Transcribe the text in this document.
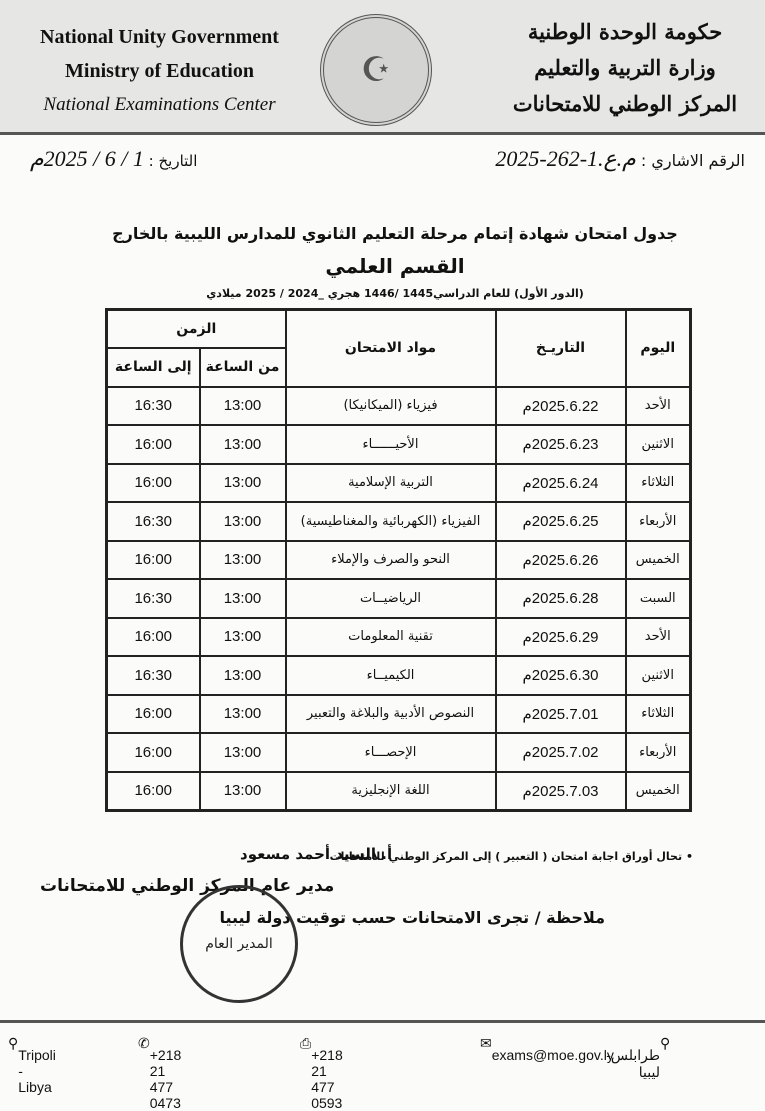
National Unity Government
Ministry of Education
National Examinations Center
☪
حكومة الوحدة الوطنية
وزارة التربية والتعليم
المركز الوطني للامتحانات
الرقم الاشاري : م.ع.1-262-2025
التاريخ : 1 / 6 / 2025م
جدول امتحان شهادة إتمام مرحلة التعليم الثانوي للمدارس الليبية بالخارج
القسم العلمي
(الدور الأول) للعام الدراسي1445 /1446 هجري _2024 / 2025 ميلادي
اليوم	التاريـخ	مواد الامتحان	الزمن	
			من الساعة	إلى الساعة
الأحد	2025.6.22م	فيزياء (الميكانيكا)	13:00	16:30
الاثنين	2025.6.23م	الأحيــــــاء	13:00	16:00
الثلاثاء	2025.6.24م	التربية الإسلامية	13:00	16:00
الأربعاء	2025.6.25م	الفيزياء (الكهربائية والمغناطيسية)	13:00	16:30
الخميس	2025.6.26م	النحو والصرف والإملاء	13:00	16:00
السبت	2025.6.28م	الرياضيــات	13:00	16:30
الأحد	2025.6.29م	تقنية المعلومات	13:00	16:00
الاثنين	2025.6.30م	الكيميــاء	13:00	16:30
الثلاثاء	2025.7.01م	النصوص الأدبية والبلاغة والتعبير	13:00	16:00
الأربعاء	2025.7.02م	الإحصـــاء	13:00	16:00
الخميس	2025.7.03م	اللغة الإنجليزية	13:00	16:00
أ. السيد أحمد مسعود
مدير عام المركز الوطني للامتحانات
المدير العام
• تحال أوراق اجابة امتحان ( التعبير ) إلى المركز الوطني للامتحانات
ملاحظة / تجرى الامتحانات حسب توقيت دولة ليبيا
⚲
Tripoli - Libya
✆
+218 21 477 0473
⎙
+218 21 477 0593
✉
exams@moe.gov.ly
⚲
طرابلس-ليبيا
